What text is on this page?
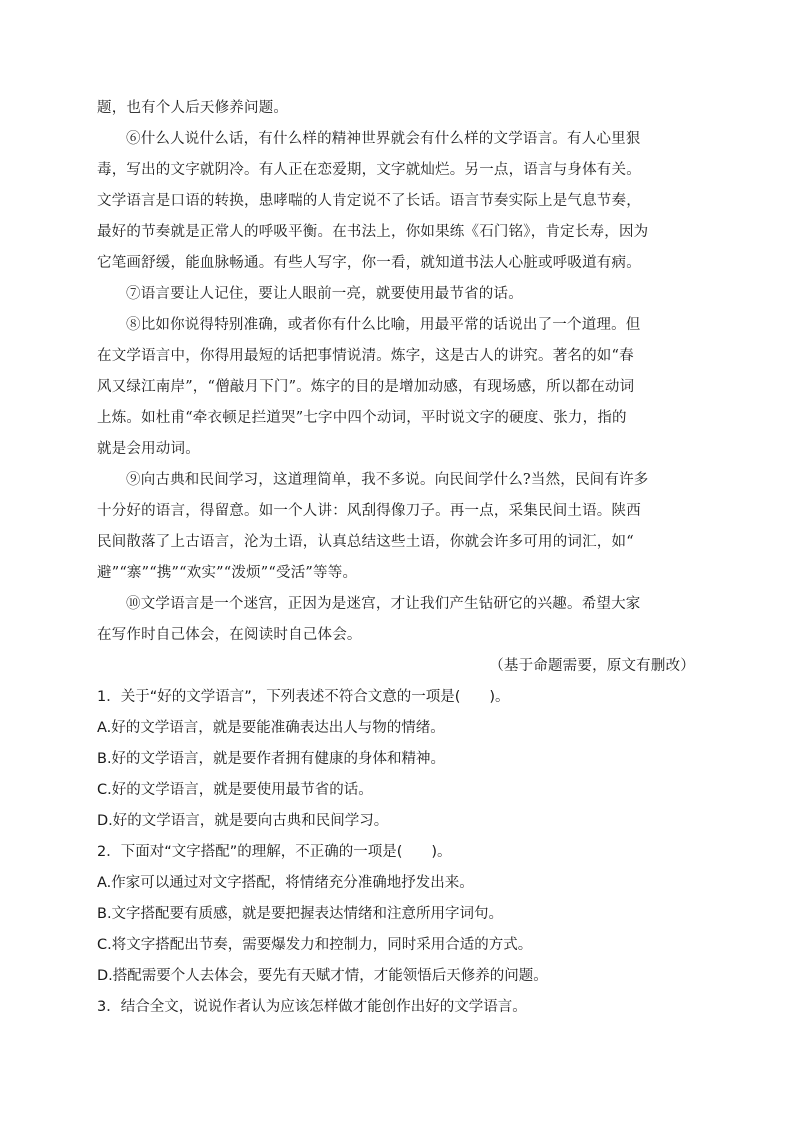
题，也有个人后天修养问题。
⑥什么人说什么话，有什么样的精神世界就会有什么样的文学语言。有人心里狠
毒，写出的文字就阴冷。有人正在恋爱期，文字就灿烂。另一点，语言与身体有关。
文学语言是口语的转换，患哮喘的人肯定说不了长话。语言节奏实际上是气息节奏，
最好的节奏就是正常人的呼吸平衡。在书法上，你如果练《石门铭》，肯定长寿，因为
它笔画舒缓，能血脉畅通。有些人写字，你一看，就知道书法人心脏或呼吸道有病。
⑦语言要让人记住，要让人眼前一亮，就要使用最节省的话。
⑧比如你说得特别准确，或者你有什么比喻，用最平常的话说出了一个道理。但
在文学语言中，你得用最短的话把事情说清。炼字，这是古人的讲究。著名的如“春
风又绿江南岸”，“僧敲月下门”。炼字的目的是增加动感，有现场感，所以都在动词
上炼。如杜甫“牵衣顿足拦道哭”七字中四个动词，平时说文字的硬度、张力，指的
就是会用动词。
⑨向古典和民间学习，这道理简单，我不多说。向民间学什么?当然，民间有许多
十分好的语言，得留意。如一个人讲：风刮得像刀子。再一点，采集民间土语。陕西
民间散落了上古语言，沦为土语，认真总结这些土语，你就会许多可用的词汇，如“
避”“寨”“携”“欢实”“泼烦”“受活”等等。
⑩文学语言是一个迷宫，正因为是迷宫，才让我们产生钻研它的兴趣。希望大家
在写作时自己体会，在阅读时自己体会。
（基于命题需要，原文有删改）
1．关于“好的文学语言”，下列表述不符合文意的一项是(　　)。
A.好的文学语言，就是要能准确表达出人与物的情绪。
B.好的文学语言，就是要作者拥有健康的身体和精神。
C.好的文学语言，就是要使用最节省的话。
D.好的文学语言，就是要向古典和民间学习。
2．下面对“文字搭配”的理解，不正确的一项是(　　)。
A.作家可以通过对文字搭配，将情绪充分准确地抒发出来。
B.文字搭配要有质感，就是要把握表达情绪和注意所用字词句。
C.将文字搭配出节奏，需要爆发力和控制力，同时采用合适的方式。
D.搭配需要个人去体会，要先有天赋才情，才能领悟后天修养的问题。
3．结合全文，说说作者认为应该怎样做才能创作出好的文学语言。
